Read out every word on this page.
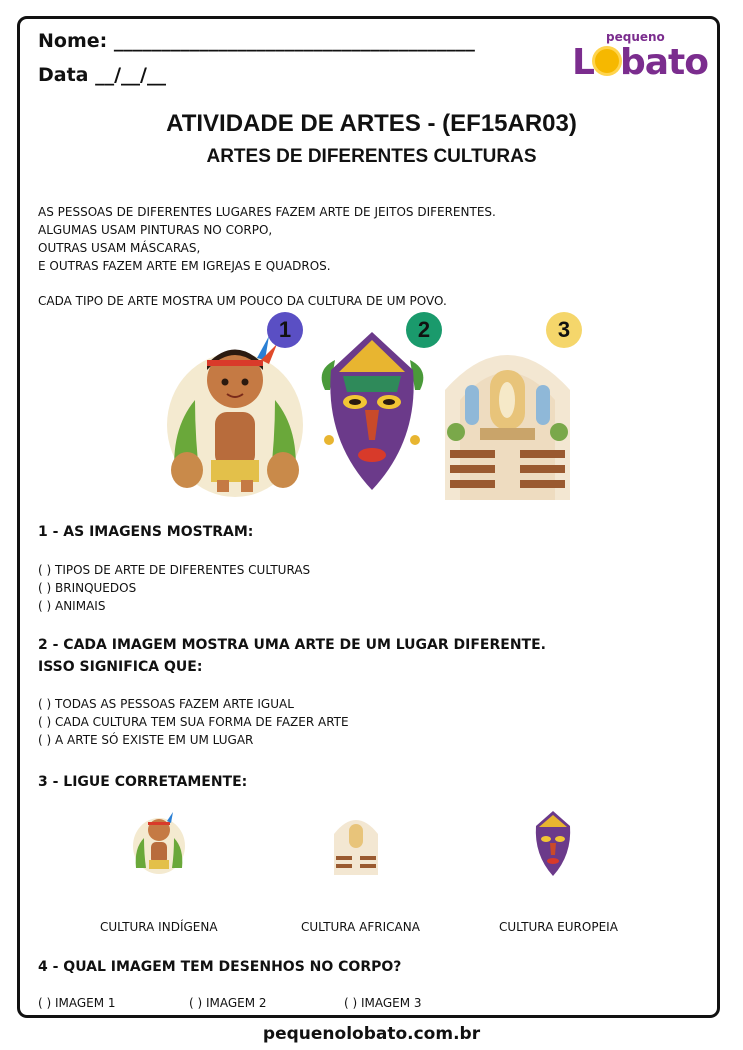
Nome: ______________________________________
Data __/__/__
pequeno
L bato
ATIVIDADE DE ARTES - (EF15AR03)
ARTES DE DIFERENTES CULTURAS
AS PESSOAS DE DIFERENTES LUGARES FAZEM ARTE DE JEITOS DIFERENTES.
ALGUMAS USAM PINTURAS NO CORPO,
OUTRAS USAM MÁSCARAS,
E OUTRAS FAZEM ARTE EM IGREJAS E QUADROS.
CADA TIPO DE ARTE MOSTRA UM POUCO DA CULTURA DE UM POVO.
1	2	3
1 - AS IMAGENS MOSTRAM:
( ) TIPOS DE ARTE DE DIFERENTES CULTURAS
( ) BRINQUEDOS
( ) ANIMAIS
2 - CADA IMAGEM MOSTRA UMA ARTE DE UM LUGAR DIFERENTE.
ISSO SIGNIFICA QUE:
( ) TODAS AS PESSOAS FAZEM ARTE IGUAL
( ) CADA CULTURA TEM SUA FORMA DE FAZER ARTE
( ) A ARTE SÓ EXISTE EM UM LUGAR
3 - LIGUE CORRETAMENTE:
CULTURA INDÍGENA	CULTURA AFRICANA	CULTURA EUROPEIA
4 - QUAL IMAGEM TEM DESENHOS NO CORPO?
( ) IMAGEM 1	( ) IMAGEM 2	( ) IMAGEM 3
pequenolobato.com.br
